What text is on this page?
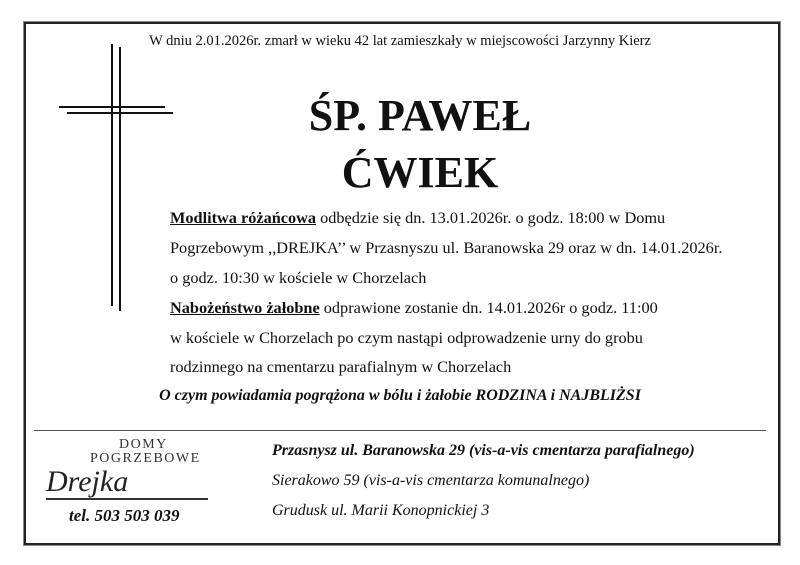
W dniu 2.01.2026r. zmarł w wieku 42 lat zamieszkały w miejscowości Jarzynny Kierz
ŚP. PAWEŁ
ĆWIEK
Modlitwa różańcowa odbędzie się dn. 13.01.2026r. o godz. 18:00 w Domu
Pogrzebowym ,,DREJKA’’ w Przasnyszu ul. Baranowska 29 oraz w dn. 14.01.2026r.
o godz. 10:30 w kościele w Chorzelach
Nabożeństwo żałobne odprawione zostanie dn. 14.01.2026r o godz. 11:00
w kościele w Chorzelach po czym nastąpi odprowadzenie urny do grobu
rodzinnego na cmentarzu parafialnym w Chorzelach
O czym powiadamia pogrążona w bólu i żałobie RODZINA i NAJBLIŻSI
DOMY
POGRZEBOWE
Drejka
tel. 503 503 039
Przasnysz ul. Baranowska 29 (vis-a-vis cmentarza parafialnego)
Sierakowo 59 (vis-a-vis cmentarza komunalnego)
Grudusk ul. Marii Konopnickiej 3
